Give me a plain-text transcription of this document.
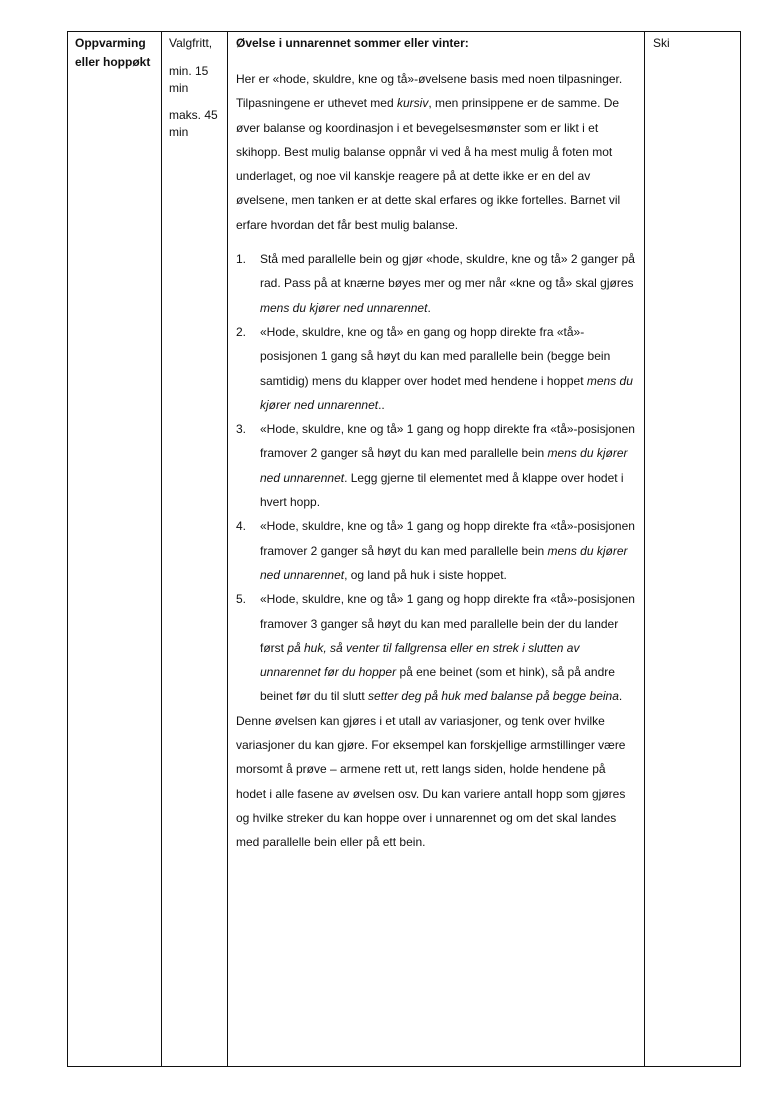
Oppvarming
eller hoppøkt
Valgfritt,
min. 15
min
maks. 45
min

Øvelse i unnarennet sommer eller vinter:

Her er «hode, skuldre, kne og tå»-øvelsene basis med noen tilpasninger. Tilpasningene er uthevet med kursiv, men prinsippene er de samme. De øver balanse og koordinasjon i et bevegelsesmønster som er likt i et skihopp. Best mulig balanse oppnår vi ved å ha mest mulig å foten mot underlaget, og noe vil kanskje reagere på at dette ikke er en del av øvelsene, men tanken er at dette skal erfares og ikke fortelles. Barnet vil erfare hvordan det får best mulig balanse.

1. Stå med parallelle bein og gjør «hode, skuldre, kne og tå» 2 ganger på rad. Pass på at knærne bøyes mer og mer når «kne og tå» skal gjøres mens du kjører ned unnarennet.
2. «Hode, skuldre, kne og tå» en gang og hopp direkte fra «tå»-posisjonen 1 gang så høyt du kan med parallelle bein (begge bein samtidig) mens du klapper over hodet med hendene i hoppet mens du kjører ned unnarennet..
3. «Hode, skuldre, kne og tå» 1 gang og hopp direkte fra «tå»-posisjonen framover 2 ganger så høyt du kan med parallelle bein mens du kjører ned unnarennet. Legg gjerne til elementet med å klappe over hodet i hvert hopp.
4. «Hode, skuldre, kne og tå» 1 gang og hopp direkte fra «tå»-posisjonen framover 2 ganger så høyt du kan med parallelle bein mens du kjører ned unnarennet, og land på huk i siste hoppet.
5. «Hode, skuldre, kne og tå» 1 gang og hopp direkte fra «tå»-posisjonen framover 3 ganger så høyt du kan med parallelle bein der du lander først på huk, så venter til fallgrensa eller en strek i slutten av unnarennet før du hopper på ene beinet (som et hink), så på andre beinet før du til slutt setter deg på huk med balanse på begge beina.

Denne øvelsen kan gjøres i et utall av variasjoner, og tenk over hvilke variasjoner du kan gjøre. For eksempel kan forskjellige armstillinger være morsomt å prøve – armene rett ut, rett langs siden, holde hendene på hodet i alle fasene av øvelsen osv. Du kan variere antall hopp som gjøres og hvilke streker du kan hoppe over i unnarennet og om det skal landes med parallelle bein eller på ett bein.

Ski
